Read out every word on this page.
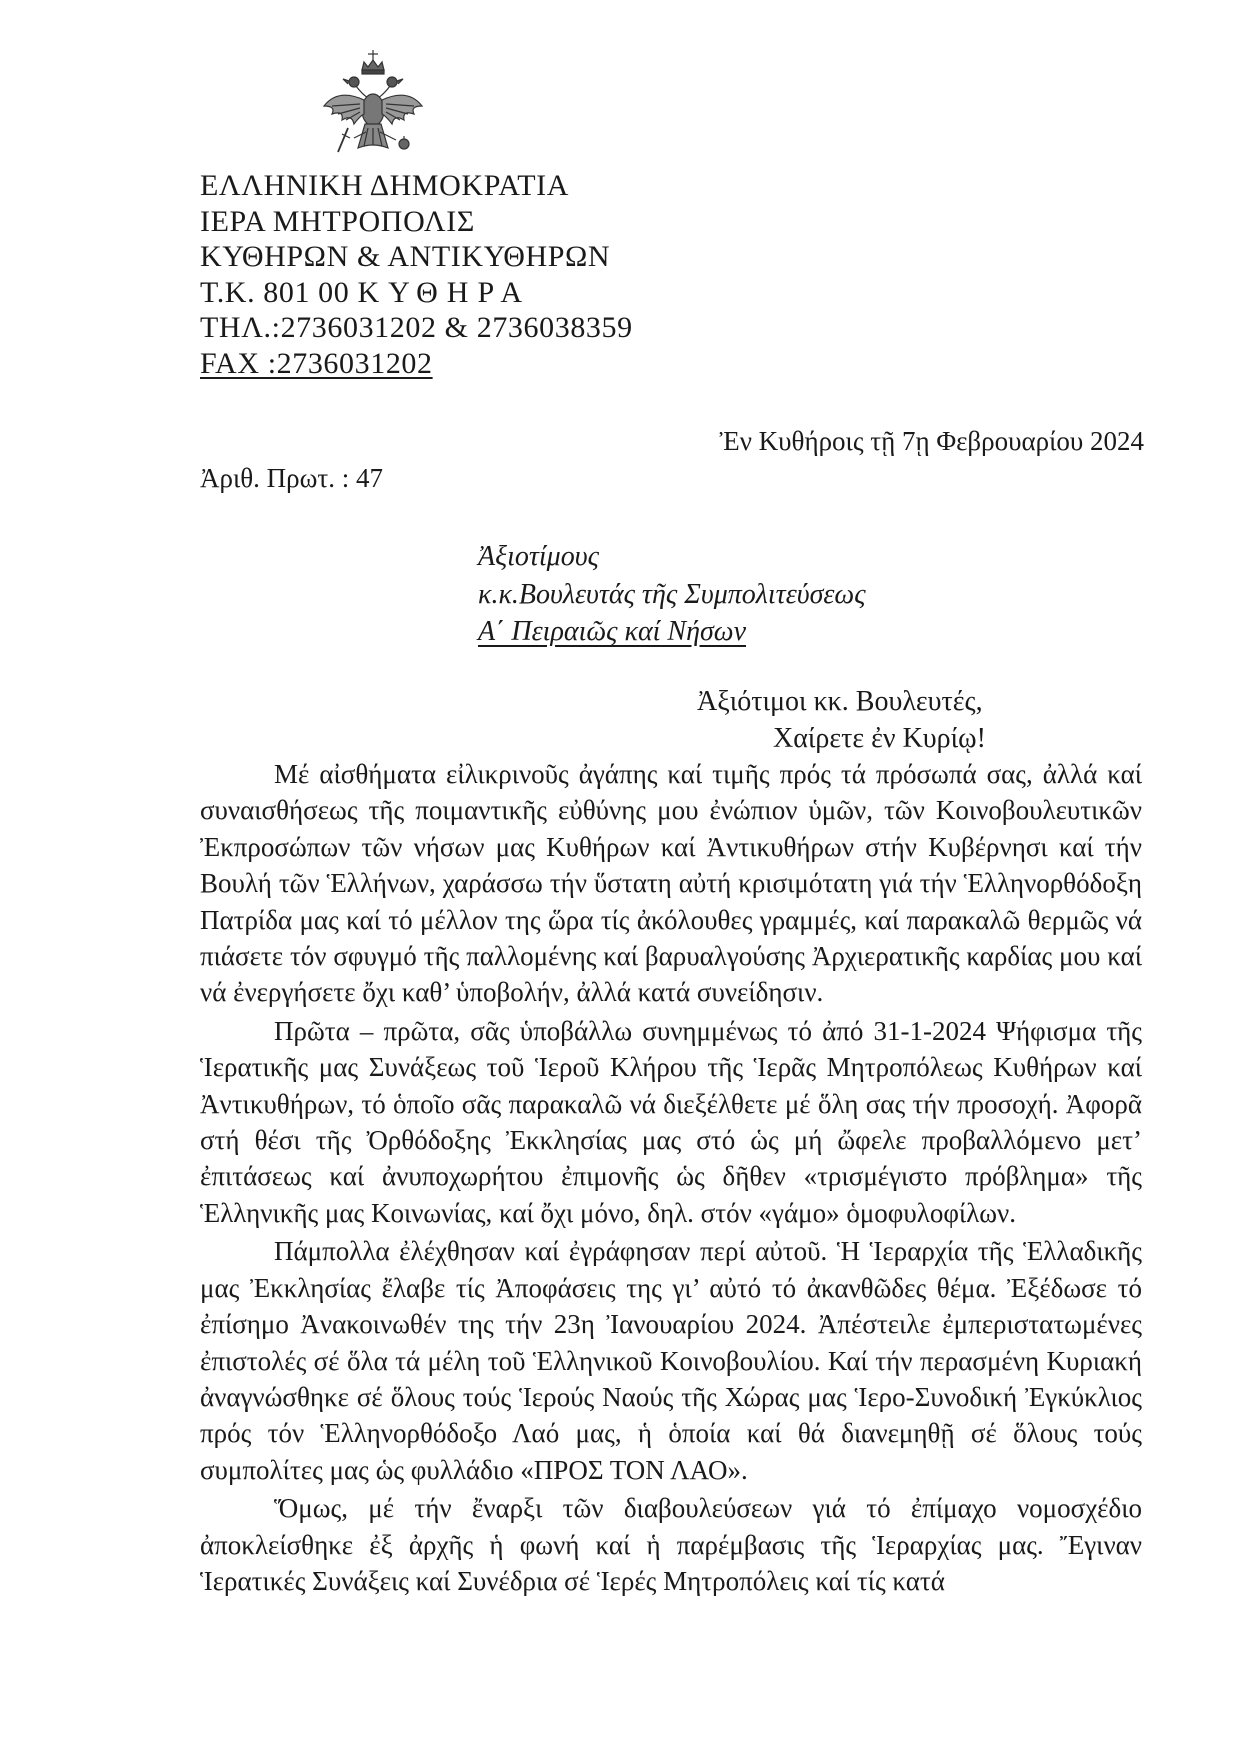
ΕΛΛΗΝΙΚΗ ΔΗΜΟΚΡΑΤΙΑ
ΙΕΡΑ ΜΗΤΡΟΠΟΛΙΣ
ΚΥΘΗΡΩΝ & ΑΝΤΙΚΥΘΗΡΩΝ
Τ.Κ. 801 00 ΚΥΘΗΡΑ
ΤΗΛ.:2736031202 & 2736038359
FAX :2736031202
Ἐν Κυθήροις τῇ 7ῃ Φεβρουαρίου 2024
Ἀριθ. Πρωτ. : 47
Ἀξιοτίμους
κ.κ.Βουλευτάς τῆς Συμπολιτεύσεως
Α΄ Πειραιῶς καί Νήσων
Ἀξιότιμοι κκ. Βουλευτές,
Χαίρετε ἐν Κυρίῳ!

Μέ αἰσθήματα εἰλικρινοῦς ἀγάπης καί τιμῆς πρός τά πρόσωπά σας, ἀλλά καί συναισθήσεως τῆς ποιμαντικῆς εὐθύνης μου ἐνώπιον ὑμῶν, τῶν Κοινοβουλευτικῶν Ἐκπροσώπων τῶν νήσων μας Κυθήρων καί Ἀντικυθήρων στήν Κυβέρνησι καί τήν Βουλή τῶν Ἑλλήνων, χαράσσω τήν ὕστατη αὐτή κρισιμότατη γιά τήν Ἑλληνορθόδοξη Πατρίδα μας καί τό μέλλον της ὥρα τίς ἀκόλουθες γραμμές, καί παρακαλῶ θερμῶς νά πιάσετε τόν σφυγμό τῆς παλλομένης καί βαρυαλγούσης Ἀρχιερατικῆς καρδίας μου καί νά ἐνεργήσετε ὄχι καθ’ ὑποβολήν, ἀλλά κατά συνείδησιν.

Πρῶτα – πρῶτα, σᾶς ὑποβάλλω συνημμένως τό ἀπό 31-1-2024 Ψήφισμα τῆς Ἱερατικῆς μας Συνάξεως τοῦ Ἱεροῦ Κλήρου τῆς Ἱερᾶς Μητροπόλεως Κυθήρων καί Ἀντικυθήρων, τό ὁποῖο σᾶς παρακαλῶ νά διεξέλθετε μέ ὅλη σας τήν προσοχή. Ἀφορᾶ στή θέσι τῆς Ὀρθόδοξης Ἐκκλησίας μας στό ὡς μή ὤφελε προβαλλόμενο μετ’ ἐπιτάσεως καί ἀνυποχωρήτου ἐπιμονῆς ὡς δῆθεν «τρισμέγιστο πρόβλημα» τῆς Ἑλληνικῆς μας Κοινωνίας, καί ὄχι μόνο, δηλ. στόν «γάμο» ὁμοφυλοφίλων.

Πάμπολλα ἐλέχθησαν καί ἐγράφησαν περί αὐτοῦ. Ἡ Ἱεραρχία τῆς Ἑλλαδικῆς μας Ἐκκλησίας ἔλαβε τίς Ἀποφάσεις της γι’ αὐτό τό ἀκανθῶδες θέμα. Ἐξέδωσε τό ἐπίσημο Ἀνακοινωθέν της τήν 23η Ἰανουαρίου 2024. Ἀπέστειλε ἐμπεριστατωμένες ἐπιστολές σέ ὅλα τά μέλη τοῦ Ἑλληνικοῦ Κοινοβουλίου. Καί τήν περασμένη Κυριακή ἀναγνώσθηκε σέ ὅλους τούς Ἱερούς Ναούς τῆς Χώρας μας Ἱερο-Συνοδική Ἐγκύκλιος πρός τόν Ἑλληνορθόδοξο Λαό μας, ἡ ὁποία καί θά διανεμηθῇ σέ ὅλους τούς συμπολίτες μας ὡς φυλλάδιο «ΠΡΟΣ ΤΟΝ ΛΑΟ».

Ὅμως, μέ τήν ἔναρξι τῶν διαβουλεύσεων γιά τό ἐπίμαχο νομοσχέδιο ἀποκλείσθηκε ἐξ ἀρχῆς ἡ φωνή καί ἡ παρέμβασις τῆς Ἱεραρχίας μας. Ἔγιναν Ἱερατικές Συνάξεις καί Συνέδρια σέ Ἱερές Μητροπόλεις καί τίς κατά
